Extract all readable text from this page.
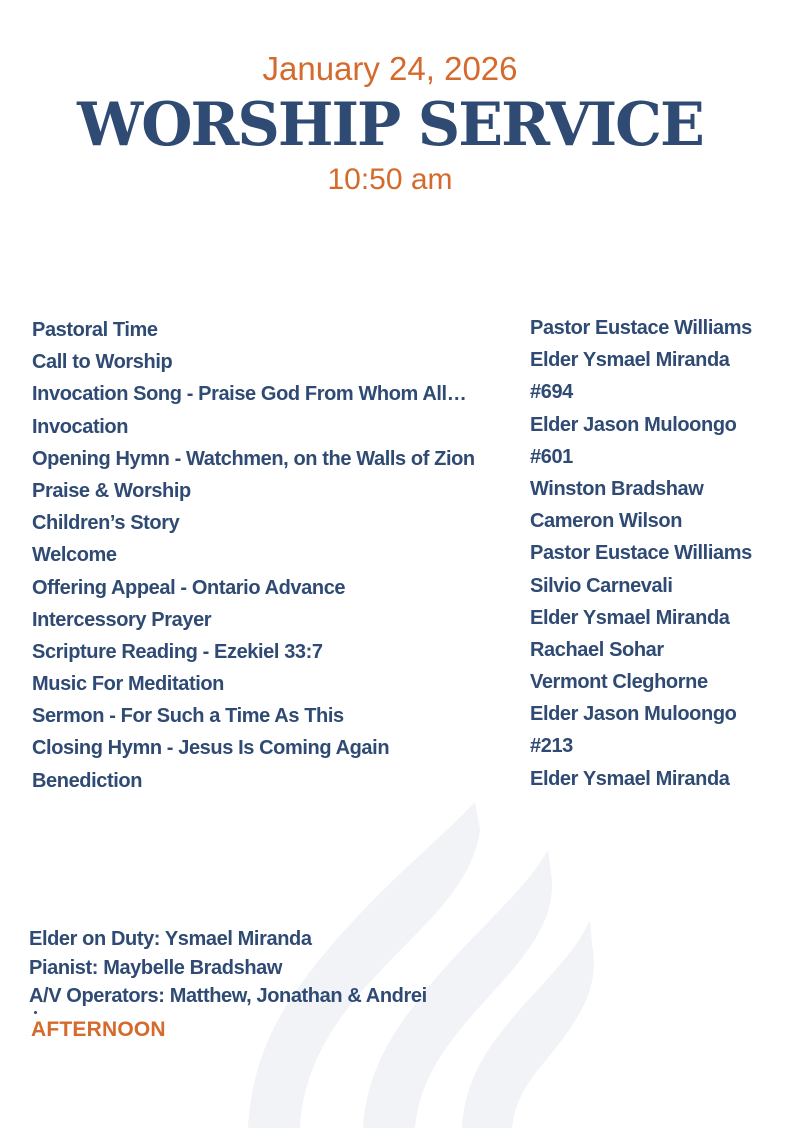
January 24, 2026
WORSHIP SERVICE
10:50 am
Pastoral Time
Call to Worship
Invocation Song - Praise God From Whom All…
Invocation
Opening Hymn - Watchmen, on the Walls of Zion
Praise & Worship
Children’s Story
Welcome
Offering Appeal - Ontario Advance
Intercessory Prayer
Scripture Reading - Ezekiel 33:7
Music For Meditation
Sermon - For Such a Time As This
Closing Hymn - Jesus Is Coming Again
Benediction
Pastor Eustace Williams
Elder Ysmael Miranda
#694
Elder Jason Muloongo
#601
Winston Bradshaw
Cameron Wilson
Pastor Eustace Williams
Silvio Carnevali
Elder Ysmael Miranda
Rachael Sohar
Vermont Cleghorne
Elder Jason Muloongo
#213
Elder Ysmael Miranda
Elder on Duty: Ysmael Miranda
Pianist: Maybelle Bradshaw
A/V Operators: Matthew, Jonathan & Andrei
AFTERNOON
